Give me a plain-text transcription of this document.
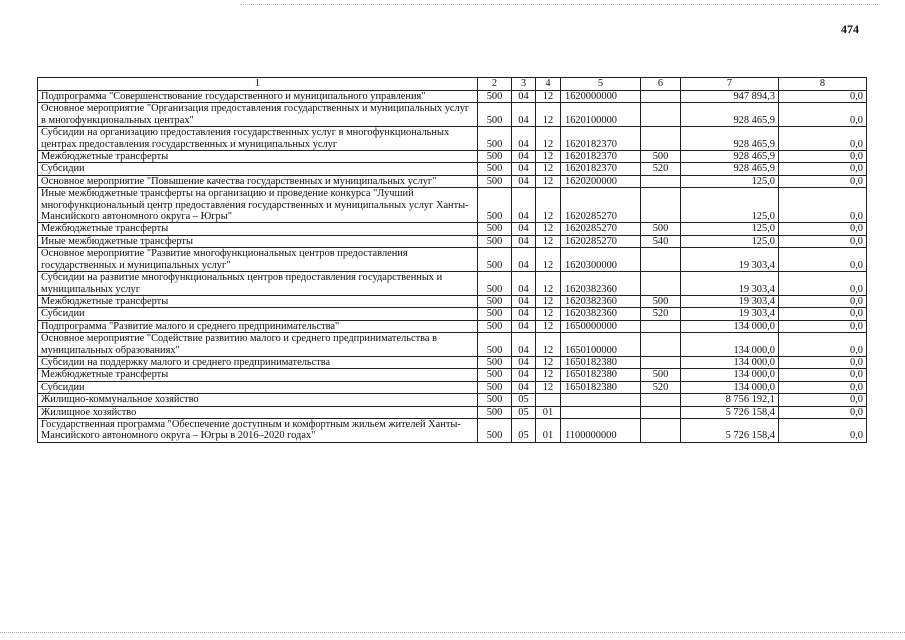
474
1	2	3	4	5	6	7	8
Подпрограмма "Совершенствование государственного и муниципального управления"	500	04	12	1620000000		947 894,3	0,0
Основное мероприятие "Организация предоставления государственных и муниципальных услуг в многофункциональных центрах"	500	04	12	1620100000		928 465,9	0,0
Субсидии на организацию предоставления государственных услуг в многофункциональных центрах предоставления государственных и муниципальных услуг	500	04	12	1620182370		928 465,9	0,0
Межбюджетные трансферты	500	04	12	1620182370	500	928 465,9	0,0
Субсидии	500	04	12	1620182370	520	928 465,9	0,0
Основное мероприятие "Повышение качества государственных и муниципальных услуг"	500	04	12	1620200000		125,0	0,0
Иные межбюджетные трансферты на организацию и проведение конкурса "Лучший многофункциональный центр предоставления государственных и муниципальных услуг Ханты-Мансийского автономного округа – Югры"	500	04	12	1620285270		125,0	0,0
Межбюджетные трансферты	500	04	12	1620285270	500	125,0	0,0
Иные межбюджетные трансферты	500	04	12	1620285270	540	125,0	0,0
Основное мероприятие "Развитие многофункциональных центров предоставления государственных и муниципальных услуг"	500	04	12	1620300000		19 303,4	0,0
Субсидии на развитие многофункциональных центров предоставления государственных и муниципальных услуг	500	04	12	1620382360		19 303,4	0,0
Межбюджетные трансферты	500	04	12	1620382360	500	19 303,4	0,0
Субсидии	500	04	12	1620382360	520	19 303,4	0,0
Подпрограмма "Развитие малого и среднего предпринимательства"	500	04	12	1650000000		134 000,0	0,0
Основное мероприятие "Содействие развитию малого и среднего предпринимательства в муниципальных образованиях"	500	04	12	1650100000		134 000,0	0,0
Субсидии на поддержку малого и среднего предпринимательства	500	04	12	1650182380		134 000,0	0,0
Межбюджетные трансферты	500	04	12	1650182380	500	134 000,0	0,0
Субсидии	500	04	12	1650182380	520	134 000,0	0,0
Жилищно-коммунальное хозяйство	500	05				8 756 192,1	0,0
Жилищное хозяйство	500	05	01			5 726 158,4	0,0
Государственная программа "Обеспечение доступным и комфортным жильем жителей Ханты-Мансийского автономного округа – Югры в 2016–2020 годах"	500	05	01	1100000000		5 726 158,4	0,0
